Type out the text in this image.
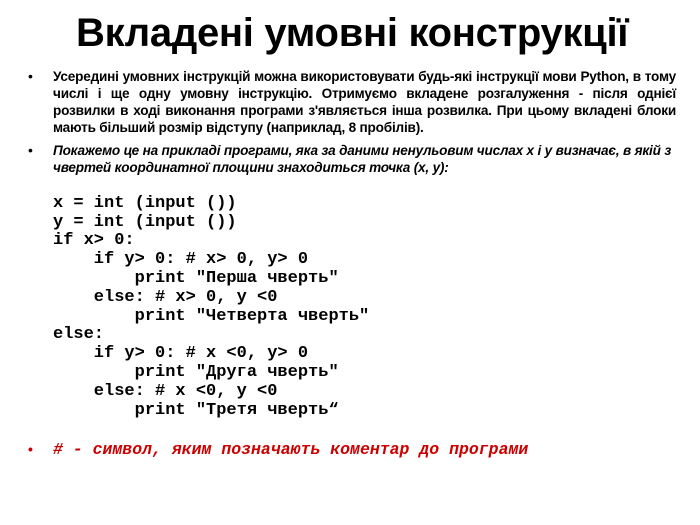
Вкладені умовні конструкції
• Усередині умовних інструкцій можна використовувати будь-які інструкції мови Python, в тому числі і ще одну умовну інструкцію. Отримуємо вкладене розгалуження - після однієї розвилки в ході виконання програми з'являється інша розвилка. При цьому вкладені блоки мають більший розмір відступу (наприклад, 8 пробілів).
• Покажемо це на прикладі програми, яка за даними ненульовим числах x і y визначає, в якій з чвертей координатної площини знаходиться точка (x, y):

x = int (input ())
y = int (input ())
if x> 0:
if y> 0: # x> 0, y> 0
print "Перша чверть"
else: # x> 0, y <0
print "Четверта чверть"
else:
if y> 0: # x <0, y> 0
print "Друга чверть"
else: # x <0, y <0
print "Третя чверть“
• # - символ, яким позначають коментар до програми
